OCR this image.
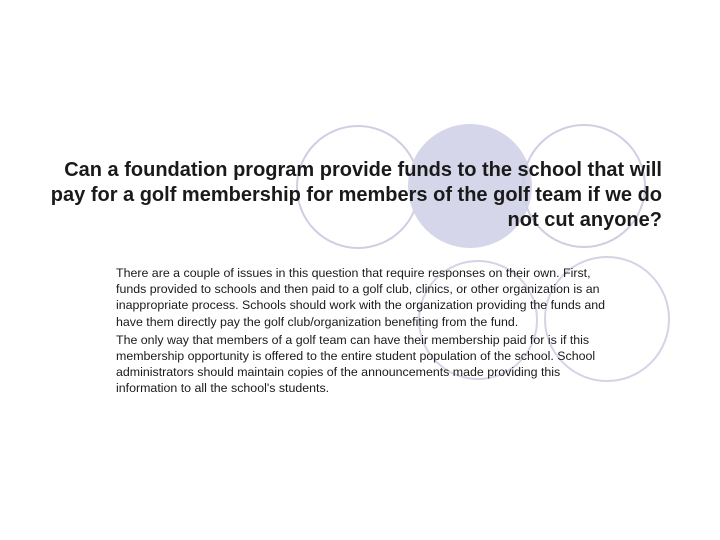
Can a foundation program provide funds to the school that will pay for a golf membership for members of the golf team if we do not cut anyone?

There are a couple of issues in this question that require responses on their own. First, funds provided to schools and then paid to a golf club, clinics, or other organization is an inappropriate process. Schools should work with the organization providing the funds and have them directly pay the golf club/organization benefiting from the fund.

The only way that members of a golf team can have their membership paid for is if this membership opportunity is offered to the entire student population of the school. School administrators should maintain copies of the announcements made providing this information to all the school's students.
